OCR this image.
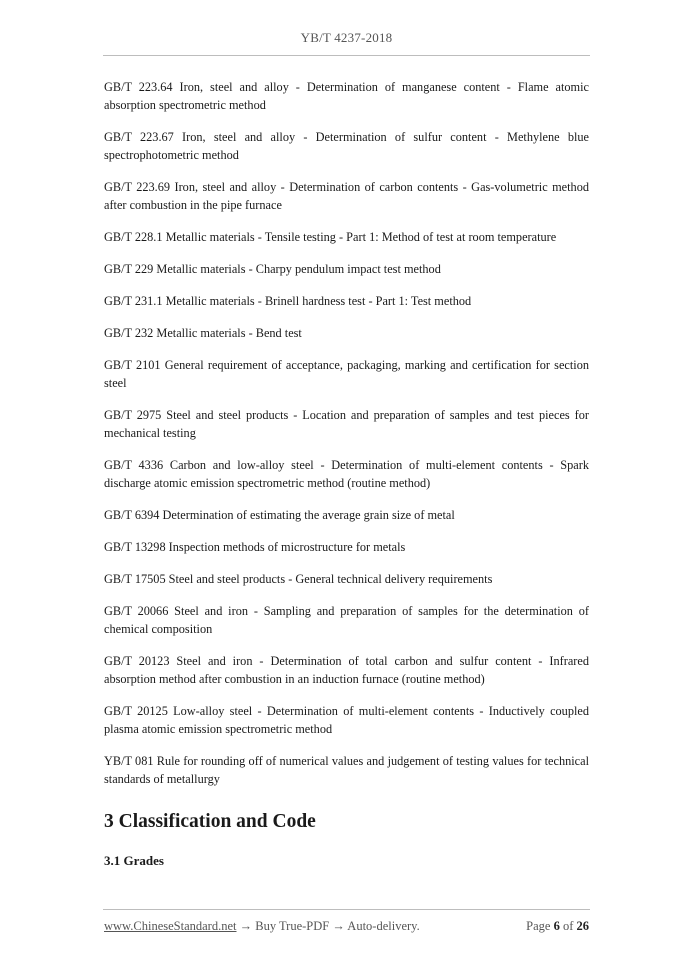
YB/T 4237-2018

GB/T 223.64 Iron, steel and alloy - Determination of manganese content - Flame atomic absorption spectrometric method

GB/T 223.67 Iron, steel and alloy - Determination of sulfur content - Methylene blue spectrophotometric method

GB/T 223.69 Iron, steel and alloy - Determination of carbon contents - Gas-volumetric method after combustion in the pipe furnace

GB/T 228.1 Metallic materials - Tensile testing - Part 1: Method of test at room temperature

GB/T 229 Metallic materials - Charpy pendulum impact test method

GB/T 231.1 Metallic materials - Brinell hardness test - Part 1: Test method

GB/T 232 Metallic materials - Bend test

GB/T 2101 General requirement of acceptance, packaging, marking and certification for section steel

GB/T 2975 Steel and steel products - Location and preparation of samples and test pieces for mechanical testing

GB/T 4336 Carbon and low-alloy steel - Determination of multi-element contents - Spark discharge atomic emission spectrometric method (routine method)

GB/T 6394 Determination of estimating the average grain size of metal

GB/T 13298 Inspection methods of microstructure for metals

GB/T 17505 Steel and steel products - General technical delivery requirements

GB/T 20066 Steel and iron - Sampling and preparation of samples for the determination of chemical composition

GB/T 20123 Steel and iron - Determination of total carbon and sulfur content - Infrared absorption method after combustion in an induction furnace (routine method)

GB/T 20125 Low-alloy steel - Determination of multi-element contents - Inductively coupled plasma atomic emission spectrometric method

YB/T 081 Rule for rounding off of numerical values and judgement of testing values for technical standards of metallurgy

3 Classification and Code
3.1 Grades
www.ChineseStandard.net → Buy True-PDF → Auto-delivery.	Page 6 of 26
